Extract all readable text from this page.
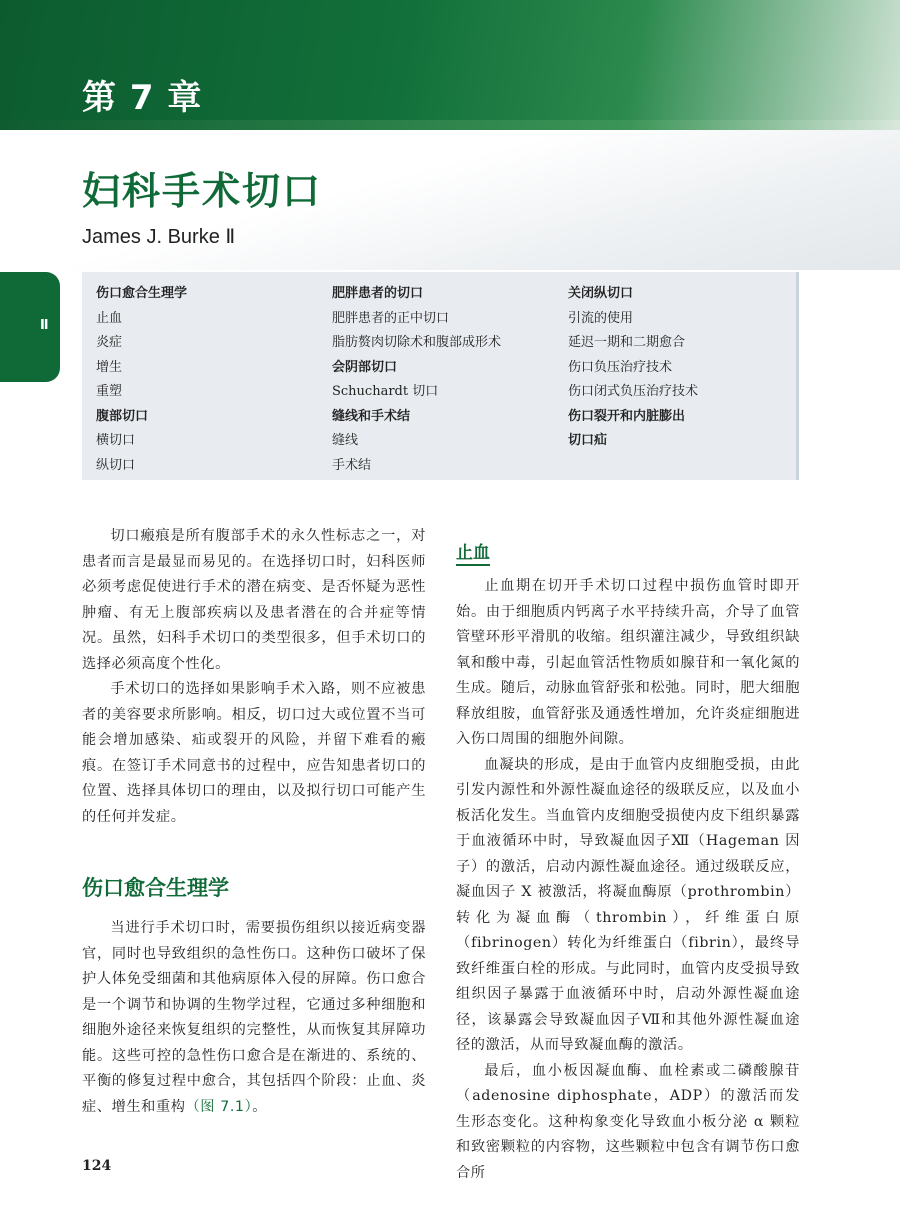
第 7 章
妇科手术切口
James J. Burke Ⅱ
Ⅱ
伤口愈合生理学
止血
炎症
增生
重塑
腹部切口
横切口
纵切口
肥胖患者的切口
肥胖患者的正中切口
脂肪赘肉切除术和腹部成形术
会阴部切口
Schuchardt 切口
缝线和手术结
缝线
手术结
关闭纵切口
引流的使用
延迟一期和二期愈合
伤口负压治疗技术
伤口闭式负压治疗技术
伤口裂开和内脏膨出
切口疝

切口瘢痕是所有腹部手术的永久性标志之一，对患者而言是最显而易见的。在选择切口时，妇科医师必须考虑促使进行手术的潜在病变、是否怀疑为恶性肿瘤、有无上腹部疾病以及患者潜在的合并症等情况。虽然，妇科手术切口的类型很多，但手术切口的选择必须高度个性化。

手术切口的选择如果影响手术入路，则不应被患者的美容要求所影响。相反，切口过大或位置不当可能会增加感染、疝或裂开的风险，并留下难看的瘢痕。在签订手术同意书的过程中，应告知患者切口的位置、选择具体切口的理由，以及拟行切口可能产生的任何并发症。

伤口愈合生理学

当进行手术切口时，需要损伤组织以接近病变器官，同时也导致组织的急性伤口。这种伤口破坏了保护人体免受细菌和其他病原体入侵的屏障。伤口愈合是一个调节和协调的生物学过程，它通过多种细胞和细胞外途径来恢复组织的完整性，从而恢复其屏障功能。这些可控的急性伤口愈合是在渐进的、系统的、平衡的修复过程中愈合，其包括四个阶段：止血、炎症、增生和重构（图 7.1）。

止血

止血期在切开手术切口过程中损伤血管时即开始。由于细胞质内钙离子水平持续升高，介导了血管管壁环形平滑肌的收缩。组织灌注减少，导致组织缺氧和酸中毒，引起血管活性物质如腺苷和一氧化氮的生成。随后，动脉血管舒张和松弛。同时，肥大细胞释放组胺，血管舒张及通透性增加，允许炎症细胞进入伤口周围的细胞外间隙。

血凝块的形成，是由于血管内皮细胞受损，由此引发内源性和外源性凝血途径的级联反应，以及血小板活化发生。当血管内皮细胞受损使内皮下组织暴露于血液循环中时，导致凝血因子Ⅻ（Hageman 因子）的激活，启动内源性凝血途径。通过级联反应，凝血因子 X 被激活，将凝血酶原（prothrombin）转化为凝血酶（thrombin），纤维蛋白原（fibrinogen）转化为纤维蛋白（fibrin），最终导致纤维蛋白栓的形成。与此同时，血管内皮受损导致组织因子暴露于血液循环中时，启动外源性凝血途径，该暴露会导致凝血因子Ⅶ和其他外源性凝血途径的激活，从而导致凝血酶的激活。

最后，血小板因凝血酶、血栓素或二磷酸腺苷（adenosine diphosphate，ADP）的激活而发生形态变化。这种构象变化导致血小板分泌 α 颗粒和致密颗粒的内容物，这些颗粒中包含有调节伤口愈合所

124
